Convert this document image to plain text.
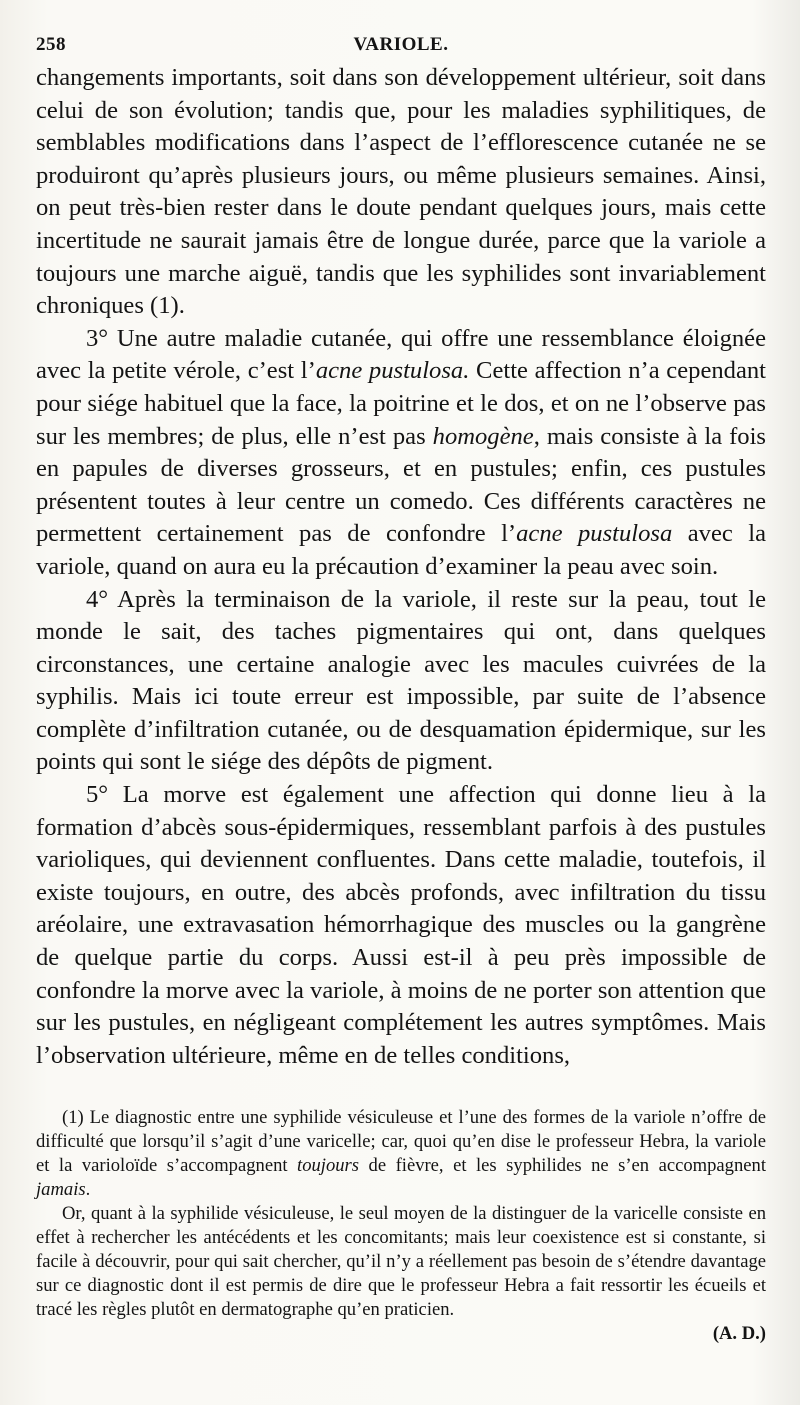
258	VARIOLE.

changements importants, soit dans son développement ultérieur, soit dans celui de son évolution; tandis que, pour les maladies syphilitiques, de semblables modifications dans l’aspect de l’efflorescence cutanée ne se produiront qu’après plusieurs jours, ou même plusieurs semaines. Ainsi, on peut très-bien rester dans le doute pendant quelques jours, mais cette incertitude ne saurait jamais être de longue durée, parce que la variole a toujours une marche aiguë, tandis que les syphilides sont invariablement chroniques (1).

3° Une autre maladie cutanée, qui offre une ressemblance éloignée avec la petite vérole, c’est l’acne pustulosa. Cette affection n’a cependant pour siége habituel que la face, la poitrine et le dos, et on ne l’observe pas sur les membres; de plus, elle n’est pas homogène, mais consiste à la fois en papules de diverses grosseurs, et en pustules; enfin, ces pustules présentent toutes à leur centre un comedo. Ces différents caractères ne permettent certainement pas de confondre l’acne pustulosa avec la variole, quand on aura eu la précaution d’examiner la peau avec soin.

4° Après la terminaison de la variole, il reste sur la peau, tout le monde le sait, des taches pigmentaires qui ont, dans quelques circonstances, une certaine analogie avec les macules cuivrées de la syphilis. Mais ici toute erreur est impossible, par suite de l’absence complète d’infiltration cutanée, ou de desquamation épidermique, sur les points qui sont le siége des dépôts de pigment.

5° La morve est également une affection qui donne lieu à la formation d’abcès sous-épidermiques, ressemblant parfois à des pustules varioliques, qui deviennent confluentes. Dans cette maladie, toutefois, il existe toujours, en outre, des abcès profonds, avec infiltration du tissu aréolaire, une extravasation hémorrhagique des muscles ou la gangrène de quelque partie du corps. Aussi est-il à peu près impossible de confondre la morve avec la variole, à moins de ne porter son attention que sur les pustules, en négligeant complétement les autres symptômes. Mais l’observation ultérieure, même en de telles conditions,

(1) Le diagnostic entre une syphilide vésiculeuse et l’une des formes de la variole n’offre de difficulté que lorsqu’il s’agit d’une varicelle; car, quoi qu’en dise le professeur Hebra, la variole et la varioloïde s’accompagnent toujours de fièvre, et les syphilides ne s’en accompagnent jamais.

Or, quant à la syphilide vésiculeuse, le seul moyen de la distinguer de la varicelle consiste en effet à rechercher les antécédents et les concomitants; mais leur coexistence est si constante, si facile à découvrir, pour qui sait chercher, qu’il n’y a réellement pas besoin de s’étendre davantage sur ce diagnostic dont il est permis de dire que le professeur Hebra a fait ressortir les écueils et tracé les règles plutôt en dermatographe qu’en praticien.

(A. D.)
